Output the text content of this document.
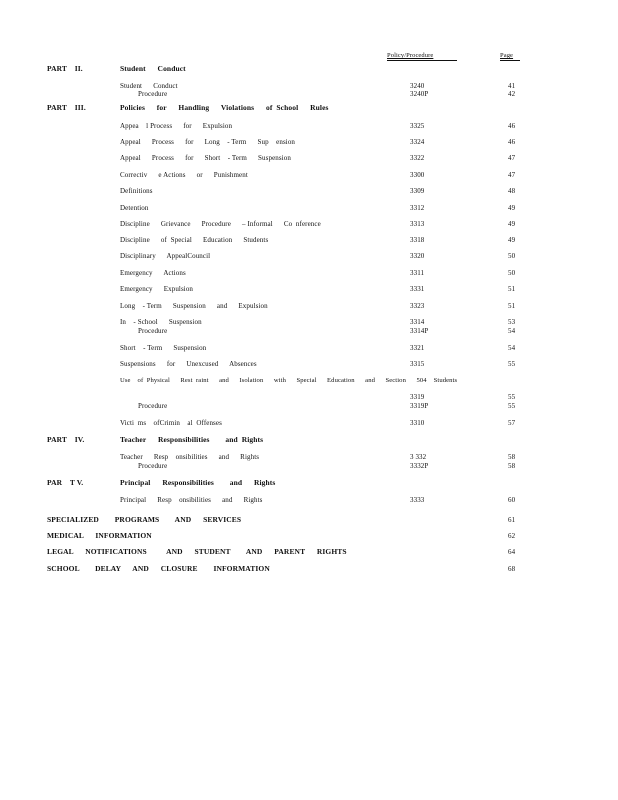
Policy/Procedure	Page
PART    II.	Student      Conduct
Student      Conduct	3240	41
Procedure	3240P	42
PART    III.	Policies      for      Handling      Violations      of  School      Rules
Appea    l Process      for      Expulsion	3325	46
Appeal      Process      for      Long    - Term      Sup    ension	3324	46
Appeal      Process      for      Short    - Term      Suspension	3322	47
Correctiv      e Actions      or      Punishment	3300	47
Definitions	3309	48
Detention	3312	49
Discipline      Grievance      Procedure      – Informal      Co  nference	3313	49
Discipline      of  Special      Education      Students	3318	49
Disciplinary      AppealCouncil	3320	50
Emergency      Actions	3311	50
Emergency      Expulsion	3331	51
Long    - Term      Suspension      and      Expulsion	3323	51
In    - School      Suspension	3314	53
Procedure	3314P	54
Short    - Term      Suspension	3321	54
Suspensions      for      Unexcused      Absences	3315	55
Use    of  Physical      Rest  raint      and      Isolation      with      Special      Education      and      Section      504    Students
3319	55
Procedure	3319P	55
Victi  ms    ofCrimin    al  Offenses	3310	57
PART    IV.	Teacher      Responsibilities        and  Rights
Teacher      Resp    onsibilities      and      Rights	3 332	58
Procedure	3332P	58
PAR    T V.	Principal      Responsibilities        and      Rights
Principal      Resp    onsibilities      and      Rights	3333	60
SPECIALIZED        PROGRAMS        AND      SERVICES	61
MEDICAL      INFORMATION	62
LEGAL      NOTIFICATIONS          AND      STUDENT        AND      PARENT      RIGHTS	64
SCHOOL        DELAY      AND      CLOSURE        INFORMATION	68
